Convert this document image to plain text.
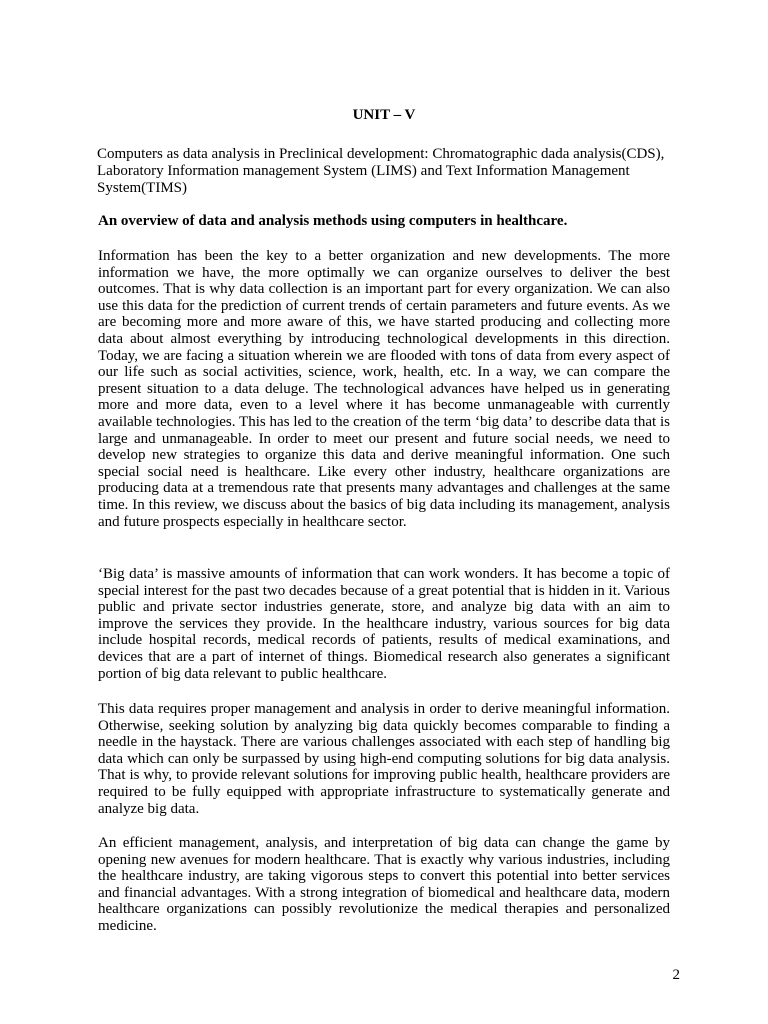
UNIT – V
Computers as data analysis in Preclinical development: Chromatographic dada analysis(CDS), Laboratory Information management System (LIMS) and Text Information Management System(TIMS)
An overview of data and analysis methods using computers in healthcare.
Information has been the key to a better organization and new developments. The more information we have, the more optimally we can organize ourselves to deliver the best outcomes. That is why data collection is an important part for every organization. We can also use this data for the prediction of current trends of certain parameters and future events. As we are becoming more and more aware of this, we have started producing and collecting more data about almost everything by introducing technological developments in this direction. Today, we are facing a situation wherein we are flooded with tons of data from every aspect of our life such as social activities, science, work, health, etc. In a way, we can compare the present situation to a data deluge. The technological advances have helped us in generating more and more data, even to a level where it has become unmanageable with currently available technologies. This has led to the creation of the term ‘big data’ to describe data that is large and unmanageable. In order to meet our present and future social needs, we need to develop new strategies to organize this data and derive meaningful information. One such special social need is healthcare. Like every other industry, healthcare organizations are producing data at a tremendous rate that presents many advantages and challenges at the same time. In this review, we discuss about the basics of big data including its management, analysis and future prospects especially in healthcare sector.
‘Big data’ is massive amounts of information that can work wonders. It has become a topic of special interest for the past two decades because of a great potential that is hidden in it. Various public and private sector industries generate, store, and analyze big data with an aim to improve the services they provide. In the healthcare industry, various sources for big data include hospital records, medical records of patients, results of medical examinations, and devices that are a part of internet of things. Biomedical research also generates a significant portion of big data relevant to public healthcare.
This data requires proper management and analysis in order to derive meaningful information. Otherwise, seeking solution by analyzing big data quickly becomes comparable to finding a needle in the haystack. There are various challenges associated with each step of handling big data which can only be surpassed by using high-end computing solutions for big data analysis. That is why, to provide relevant solutions for improving public health, healthcare providers are required to be fully equipped with appropriate infrastructure to systematically generate and analyze big data.
An efficient management, analysis, and interpretation of big data can change the game by opening new avenues for modern healthcare. That is exactly why various industries, including the healthcare industry, are taking vigorous steps to convert this potential into better services and financial advantages. With a strong integration of biomedical and healthcare data, modern healthcare organizations can possibly revolutionize the medical therapies and personalized medicine.
2
